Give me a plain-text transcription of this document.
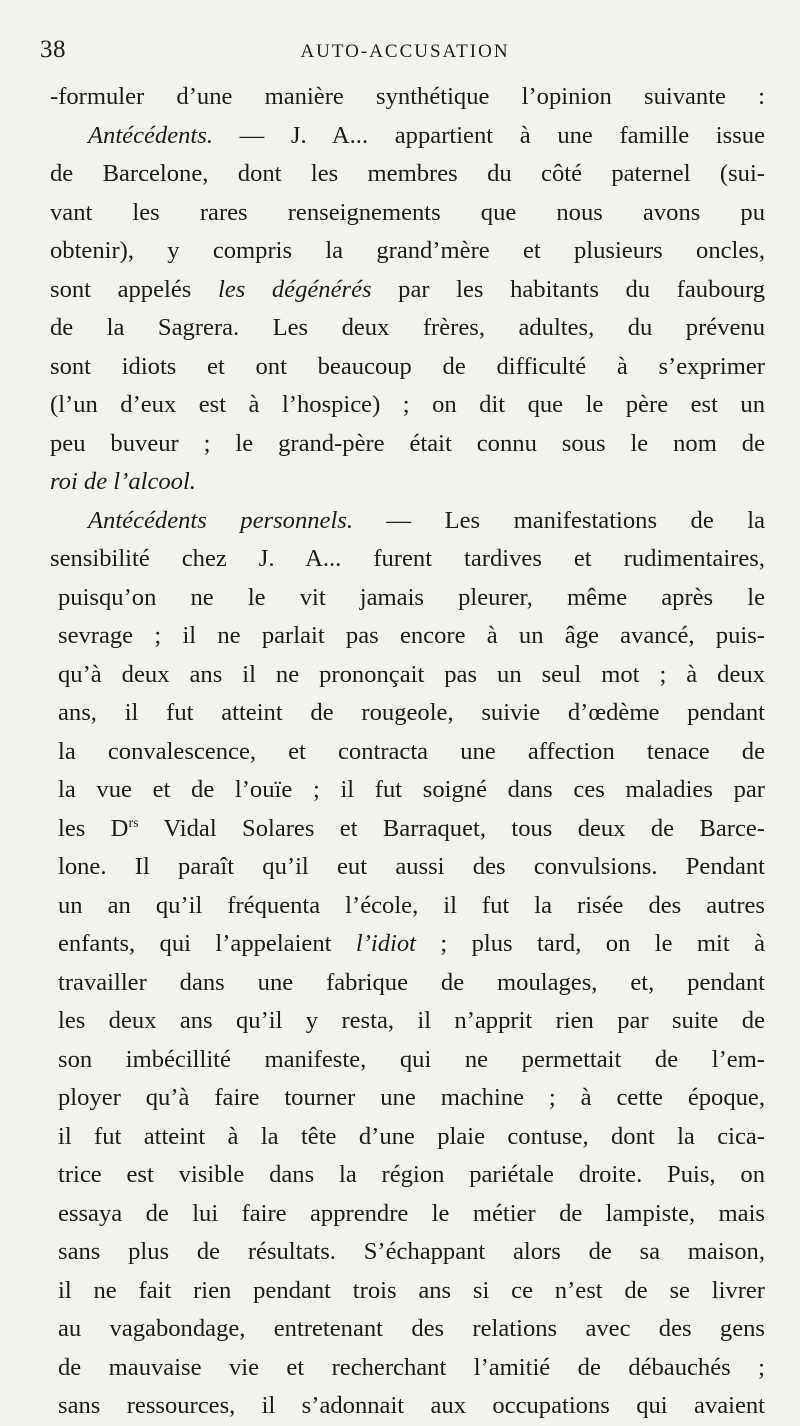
38	AUTO-ACCUSATION
-formuler d’une manière synthétique l’opinion suivante :
Antécédents. — J. A... appartient à une famille issue
de Barcelone, dont les membres du côté paternel (sui-
vant les rares renseignements que nous avons pu
obtenir), y compris la grand’mère et plusieurs oncles,
sont appelés les dégénérés par les habitants du faubourg
de la Sagrera. Les deux frères, adultes, du prévenu
sont idiots et ont beaucoup de difficulté à s’exprimer
(l’un d’eux est à l’hospice) ; on dit que le père est un
peu buveur ; le grand-père était connu sous le nom de
roi de l’alcool.
Antécédents personnels. — Les manifestations de la
sensibilité chez J. A... furent tardives et rudimentaires,
puisqu’on ne le vit jamais pleurer, même après le
sevrage ; il ne parlait pas encore à un âge avancé, puis-
qu’à deux ans il ne prononçait pas un seul mot ; à deux
ans, il fut atteint de rougeole, suivie d’œdème pendant
la convalescence, et contracta une affection tenace de
la vue et de l’ouïe ; il fut soigné dans ces maladies par
les $D^{rs}$ Vidal Solares et Barraquet, tous deux de Barce-
lone. Il paraît qu’il eut aussi des convulsions. Pendant
un an qu’il fréquenta l’école, il fut la risée des autres
enfants, qui l’appelaient l’idiot ; plus tard, on le mit à
travailler dans une fabrique de moulages, et, pendant
les deux ans qu’il y resta, il n’apprit rien par suite de
son imbécillité manifeste, qui ne permettait de l’em-
ployer qu’à faire tourner une machine ; à cette époque,
il fut atteint à la tête d’une plaie contuse, dont la cica-
trice est visible dans la région pariétale droite. Puis, on
essaya de lui faire apprendre le métier de lampiste, mais
sans plus de résultats. S’échappant alors de sa maison,
il ne fait rien pendant trois ans si ce n’est de se livrer
au vagabondage, entretenant des relations avec des gens
de mauvaise vie et recherchant l’amitié de débauchés ;
sans ressources, il s’adonnait aux occupations qui avaient
